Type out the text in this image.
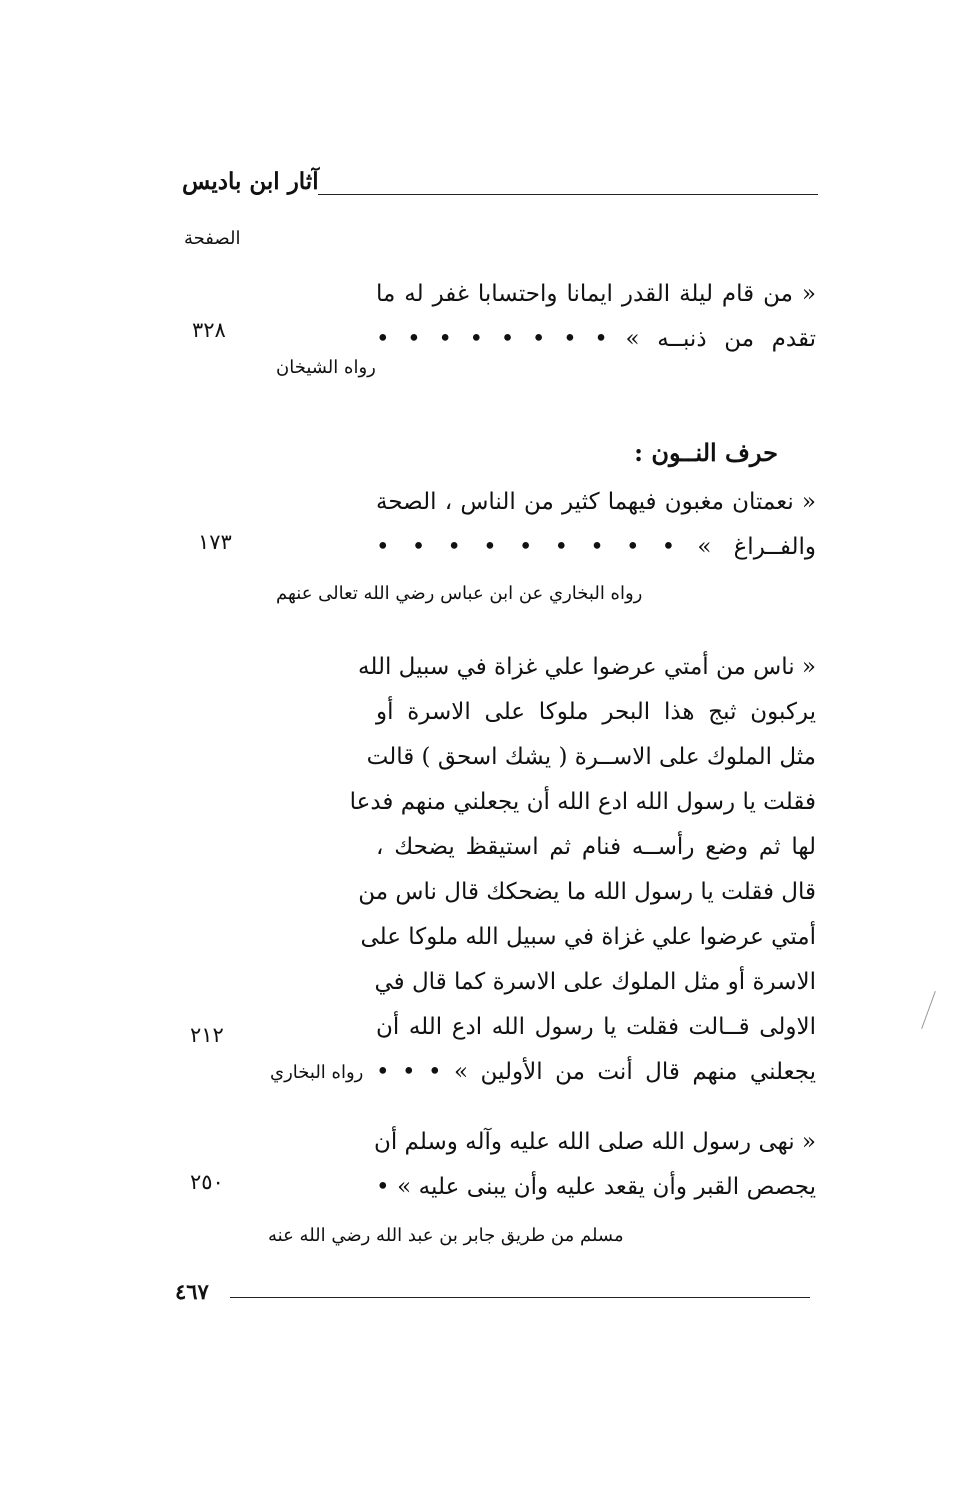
آثار ابن باديس
الصفحة
« من قام ليلة القدر ايمانا واحتسابا غفر له ما
تقدم من ذنبــه » • • • • • • • •
٣٢٨
رواه الشيخان
حرف النــون :
« نعمتان مغبون فيهما كثير من الناس ، الصحة
والفــراغ » • • • • • • • • •
١٧٣
رواه البخاري عن ابن عباس رضي الله تعالى عنهم
« ناس من أمتي عرضوا علي غزاة في سبيل الله
يركبون ثبج هذا البحر ملوكا على الاسرة أو
مثل الملوك على الاســرة ( يشك اسحق ) قالت
فقلت يا رسول الله ادع الله أن يجعلني منهم فدعا
لها ثم وضع رأســه فنام ثم استيقظ يضحك ،
قال فقلت يا رسول الله ما يضحكك قال ناس من
أمتي عرضوا علي غزاة في سبيل الله ملوكا على
الاسرة أو مثل الملوك على الاسرة كما قال في
الاولى قــالت فقلت يا رسول الله ادع الله أن
يجعلني منهم قال أنت من الأولين » • • •
٢١٢
رواه البخاري
« نهى رسول الله صلى الله عليه وآله وسلم أن
يجصص القبر وأن يقعد عليه وأن يبنى عليه » •
٢٥٠
مسلم من طريق جابر بن عبد الله رضي الله عنه
٤٦٧
